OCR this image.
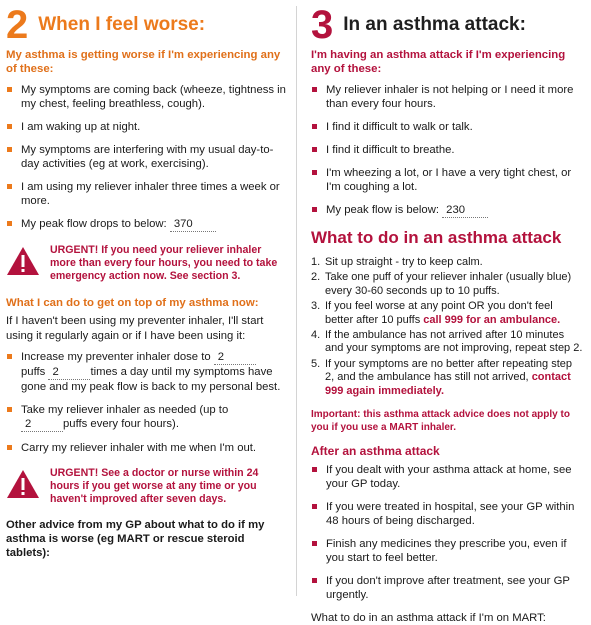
2 When I feel worse:
My asthma is getting worse if I'm experiencing any of these:
My symptoms are coming back (wheeze, tightness in my chest, feeling breathless, cough).
I am waking up at night.
My symptoms are interfering with my usual day-to-day activities (eg at work, exercising).
I am using my reliever inhaler three times a week or more.
My peak flow drops to below: 370
URGENT! If you need your reliever inhaler more than every four hours, you need to take emergency action now. See section 3.
What I can do to get on top of my asthma now:
If I haven't been using my preventer inhaler, I'll start using it regularly again or if I have been using it:
Increase my preventer inhaler dose to 2
puffs 2	times a day until my symptoms have gone and my peak flow is back to my personal best.
Take my reliever inhaler as needed (up to
2	puffs every four hours).
Carry my reliever inhaler with me when I'm out.
URGENT! See a doctor or nurse within 24 hours if you get worse at any time or you haven't improved after seven days.
Other advice from my GP about what to do if my asthma is worse (eg MART or rescue steroid tablets):
3 In an asthma attack:
I'm having an asthma attack if I'm experiencing any of these:
My reliever inhaler is not helping or I need it more than every four hours.
I find it difficult to walk or talk.
I find it difficult to breathe.
I'm wheezing a lot, or I have a very tight chest, or I'm coughing a lot.
My peak flow is below: 230
What to do in an asthma attack
1. Sit up straight - try to keep calm.
2. Take one puff of your reliever inhaler (usually blue) every 30-60 seconds up to 10 puffs.
3. If you feel worse at any point OR you don't feel better after 10 puffs call 999 for an ambulance.
4. If the ambulance has not arrived after 10 minutes and your symptoms are not improving, repeat step 2.
5. If your symptoms are no better after repeating step 2, and the ambulance has still not arrived, contact 999 again immediately.
Important: this asthma attack advice does not apply to you if you use a MART inhaler.
After an asthma attack
If you dealt with your asthma attack at home, see your GP today.
If you were treated in hospital, see your GP within 48 hours of being discharged.
Finish any medicines they prescribe you, even if you start to feel better.
If you don't improve after treatment, see your GP urgently.
What to do in an asthma attack if I'm on MART:
